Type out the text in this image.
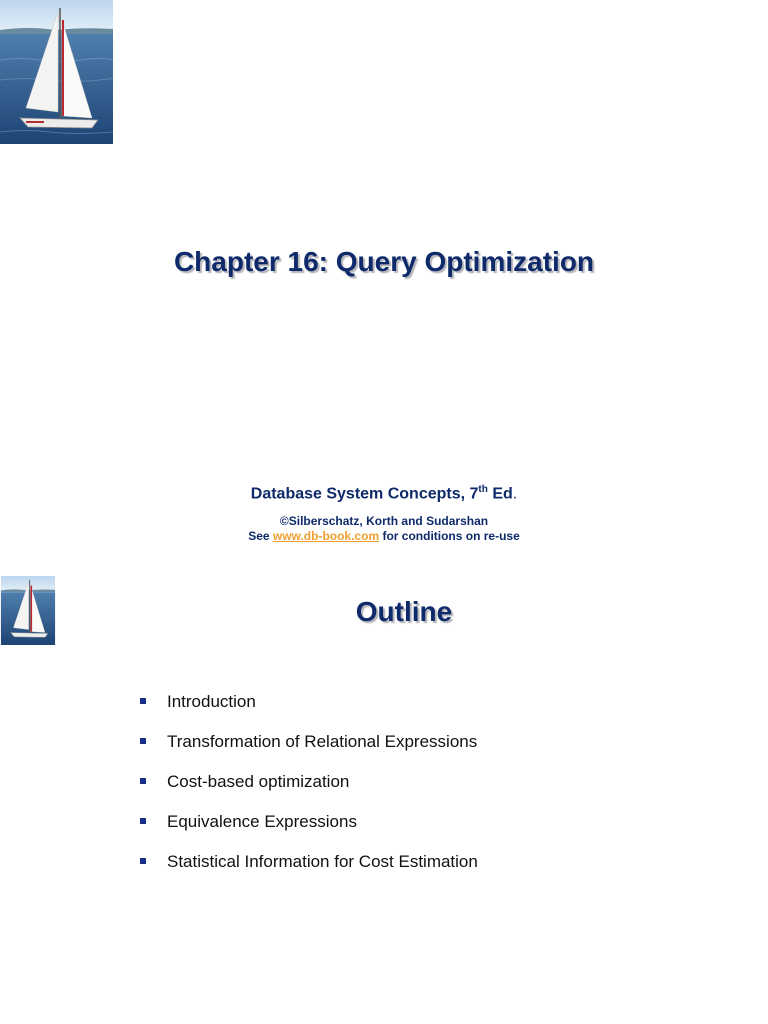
Chapter 16: Query Optimization
Database System Concepts, 7th Ed.
©Silberschatz, Korth and Sudarshan
See www.db-book.com for conditions on re-use
Outline
Introduction
Transformation of Relational Expressions
Cost-based optimization
Equivalence Expressions
Statistical Information for Cost Estimation
